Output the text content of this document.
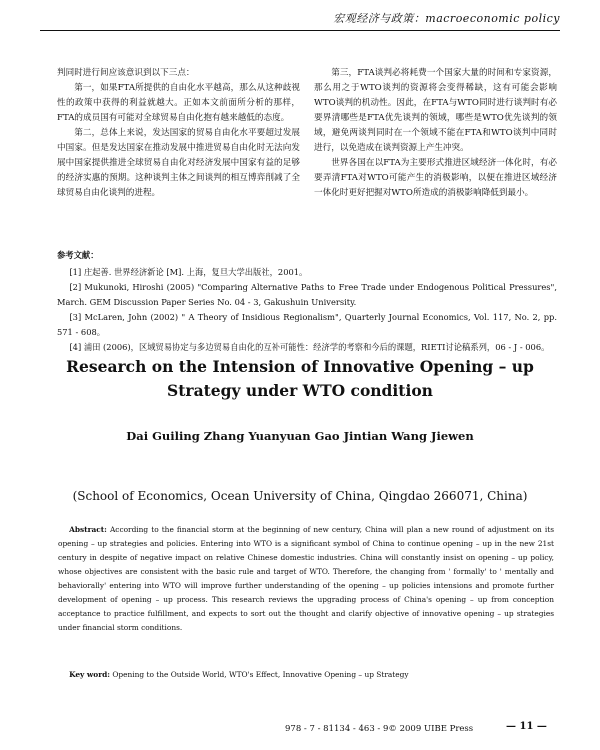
宏观经济与政策：macroeconomic policy

判同时进行间应该意识到以下三点：

第一，如果FTA所提供的自由化水平越高，那么从这种歧视性的政策中获得的利益就越大。正如本文前面所分析的那样，FTA的成员国有可能对全球贸易自由化抱有越来越低的态度。

第二，总体上来说，发达国家的贸易自由化水平要超过发展中国家。但是发达国家在推动发展中推进贸易自由化时无法向发展中国家提供推进全球贸易自由化对经济发展中国家有益的足够的经济实惠的预期。这种谈判主体之间谈判的相互博弈削减了全球贸易自由化谈判的进程。

第三，FTA谈判必将耗费一个国家大量的时间和专家资源，那么用之于WTO谈判的资源将会变得稀缺，这有可能会影响WTO谈判的机动性。因此，在FTA与WTO同时进行谈判时有必要界清哪些是FTA优先谈判的领域，哪些是WTO优先谈判的领域，避免两谈判同时在一个领域不能在FTA和WTO谈判中同时进行，以免造成在谈判资源上产生冲突。

世界各国在以FTA为主要形式推进区域经济一体化时，有必要弄清FTA对WTO可能产生的消极影响，以便在推进区域经济一体化时更好把握对WTO所造成的消极影响降低到最小。

参考文献：

[1] 庄起善. 世界经济新论 [M]. 上海，复旦大学出版社，2001。

[2] Mukunoki, Hiroshi (2005) "Comparing Alternative Paths to Free Trade under Endogenous Political Pressures", March. GEM Discussion Paper Series No. 04 - 3, Gakushuin University.

[3] McLaren, John (2002) " A Theory of Insidious Regionalism", Quarterly Journal Economics, Vol. 117, No. 2, pp. 571 - 608。

[4] 浦田 (2006)，区域贸易协定与多边贸易自由化的互补可能性：经济学的考察和今后的课题，RIETI讨论稿系列，06 - J - 006。

Research on the Intension of Innovative Opening – up
Strategy under WTO condition
Dai Guiling Zhang Yuanyuan Gao Jintian Wang Jiewen
(School of Economics, Ocean University of China, Qingdao 266071, China)

Abstract: According to the financial storm at the beginning of new century, China will plan a new round of adjustment on its opening – up strategies and policies. Entering into WTO is a significant symbol of China to continue opening – up in the new 21st century in despite of negative impact on relative Chinese domestic industries. China will constantly insist on opening – up policy, whose objectives are consistent with the basic rule and target of WTO. Therefore, the changing from ' formally' to ' mentally and behaviorally' entering into WTO will improve further understanding of the opening – up policies intensions and promote further development of opening – up process. This research reviews the upgrading process of China's opening – up from conception acceptance to practice fulfillment, and expects to sort out the thought and clarify objective of innovative opening – up strategies under financial storm conditions.

Key word: Opening to the Outside World, WTO's Effect, Innovative Opening – up Strategy
978 - 7 - 81134 - 463 - 9© 2009 UIBE Press	— 11 —
